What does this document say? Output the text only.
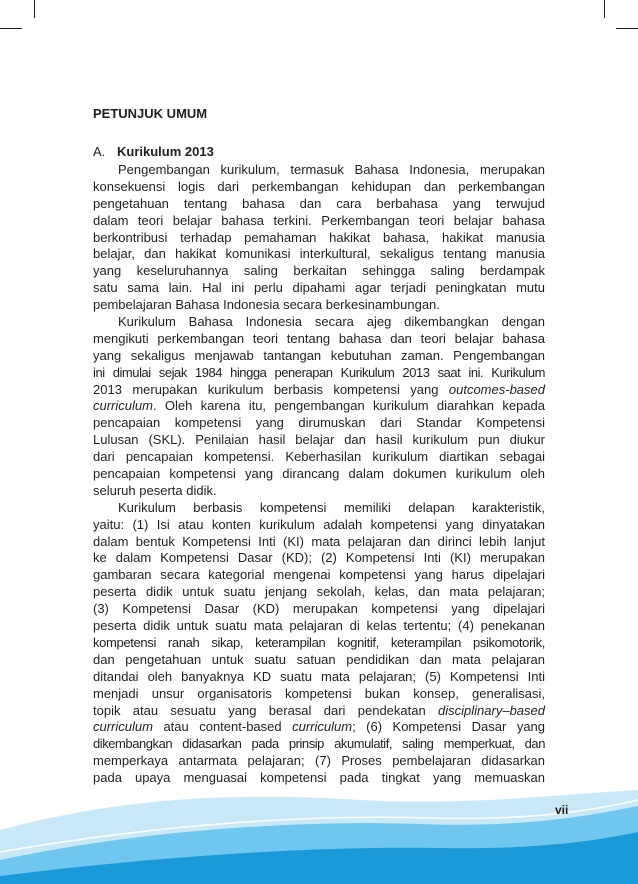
PETUNJUK UMUM
A. Kurikulum 2013
Pengembangan kurikulum, termasuk Bahasa Indonesia, merupakan
konsekuensi logis dari perkembangan kehidupan dan perkembangan
pengetahuan tentang bahasa dan cara berbahasa yang terwujud
dalam teori belajar bahasa terkini. Perkembangan teori belajar bahasa
berkontribusi terhadap pemahaman hakikat bahasa, hakikat manusia
belajar, dan hakikat komunikasi interkultural, sekaligus tentang manusia
yang keseluruhannya saling berkaitan sehingga saling berdampak
satu sama lain. Hal ini perlu dipahami agar terjadi peningkatan mutu
pembelajaran Bahasa Indonesia secara berkesinambungan.
Kurikulum Bahasa Indonesia secara ajeg dikembangkan dengan
mengikuti perkembangan teori tentang bahasa dan teori belajar bahasa
yang sekaligus menjawab tantangan kebutuhan zaman. Pengembangan
ini dimulai sejak 1984 hingga penerapan Kurikulum 2013 saat ini. Kurikulum
2013 merupakan kurikulum berbasis kompetensi yang outcomes-based
curriculum. Oleh karena itu, pengembangan kurikulum diarahkan kepada
pencapaian kompetensi yang dirumuskan dari Standar Kompetensi
Lulusan (SKL). Penilaian hasil belajar dan hasil kurikulum pun diukur
dari pencapaian kompetensi. Keberhasilan kurikulum diartikan sebagai
pencapaian kompetensi yang dirancang dalam dokumen kurikulum oleh
seluruh peserta didik.
Kurikulum berbasis kompetensi memiliki delapan karakteristik,
yaitu: (1) Isi atau konten kurikulum adalah kompetensi yang dinyatakan
dalam bentuk Kompetensi Inti (KI) mata pelajaran dan dirinci lebih lanjut
ke dalam Kompetensi Dasar (KD); (2) Kompetensi Inti (KI) merupakan
gambaran secara kategorial mengenai kompetensi yang harus dipelajari
peserta didik untuk suatu jenjang sekolah, kelas, dan mata pelajaran;
(3) Kompetensi Dasar (KD) merupakan kompetensi yang dipelajari
peserta didik untuk suatu mata pelajaran di kelas tertentu; (4) penekanan
kompetensi ranah sikap, keterampilan kognitif, keterampilan psikomotorik,
dan pengetahuan untuk suatu satuan pendidikan dan mata pelajaran
ditandai oleh banyaknya KD suatu mata pelajaran; (5) Kompetensi Inti
menjadi unsur organisatoris kompetensi bukan konsep, generalisasi,
topik atau sesuatu yang berasal dari pendekatan disciplinary–based
curriculum atau content-based curriculum; (6) Kompetensi Dasar yang
dikembangkan didasarkan pada prinsip akumulatif, saling memperkuat, dan
memperkaya antarmata pelajaran; (7) Proses pembelajaran didasarkan
pada upaya menguasai kompetensi pada tingkat yang memuaskan
vii
